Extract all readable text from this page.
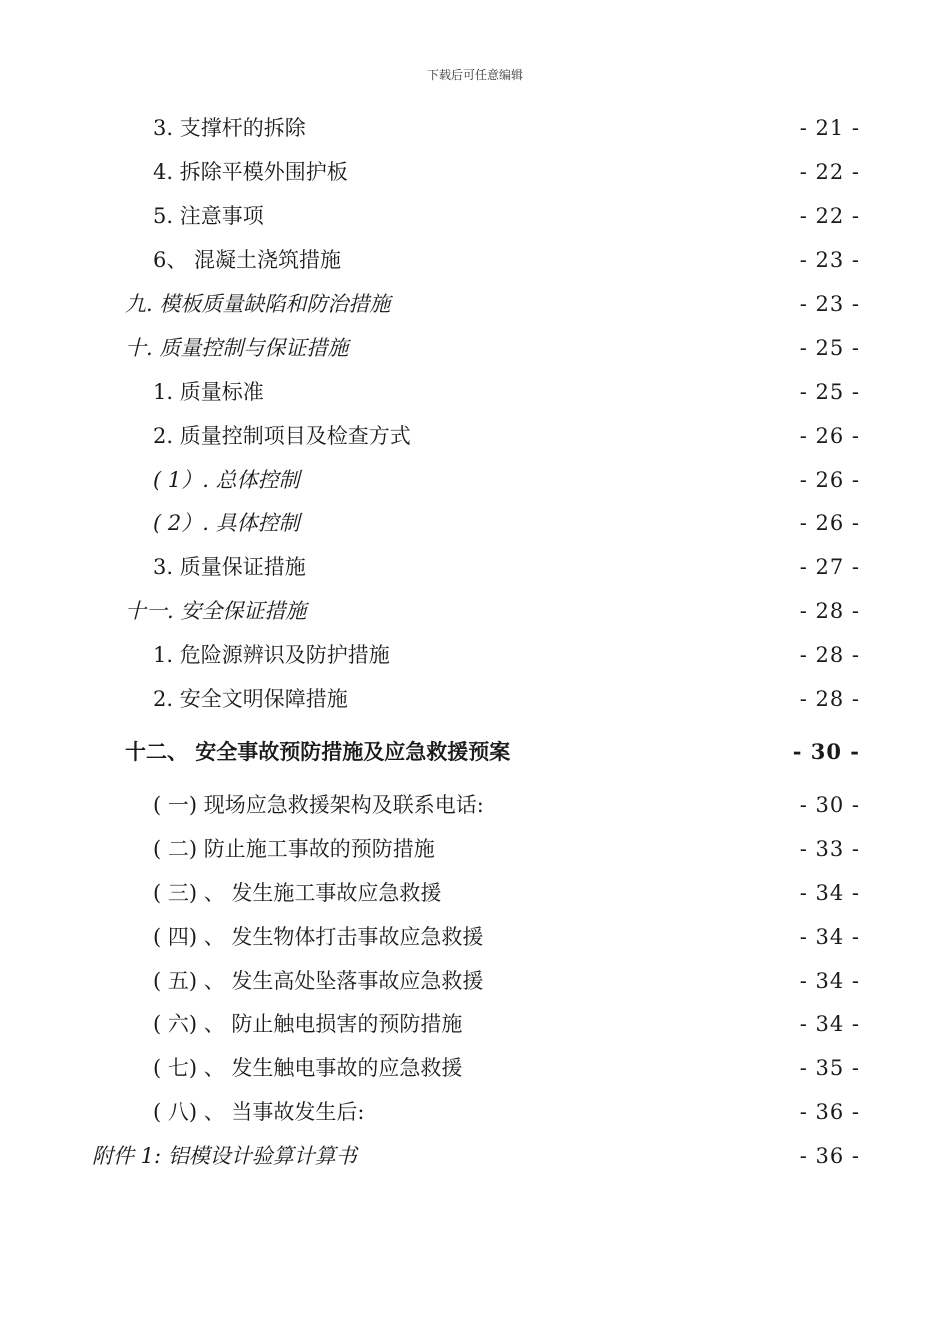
下载后可任意编辑
3. 支撑杆的拆除	- 21 -
4. 拆除平模外围护板	- 22 -
5. 注意事项	- 22 -
6、 混凝土浇筑措施	- 23 -
九. 模板质量缺陷和防治措施	- 23 -
十. 质量控制与保证措施	- 25 -
1. 质量标准	- 25 -
2. 质量控制项目及检查方式	- 26 -
( 1）. 总体控制	- 26 -
( 2）. 具体控制	- 26 -
3. 质量保证措施	- 27 -
十一. 安全保证措施	- 28 -
1. 危险源辨识及防护措施	- 28 -
2. 安全文明保障措施	- 28 -
十二、 安全事故预防措施及应急救援预案	- 30 -
( 一) 现场应急救援架构及联系电话:	- 30 -
( 二) 防止施工事故的预防措施	- 33 -
( 三) 、 发生施工事故应急救援	- 34 -
( 四) 、 发生物体打击事故应急救援	- 34 -
( 五) 、 发生高处坠落事故应急救援	- 34 -
( 六) 、 防止触电损害的预防措施	- 34 -
( 七) 、 发生触电事故的应急救援	- 35 -
( 八) 、 当事故发生后:	- 36 -
附件 1: 铝模设计验算计算书	- 36 -
